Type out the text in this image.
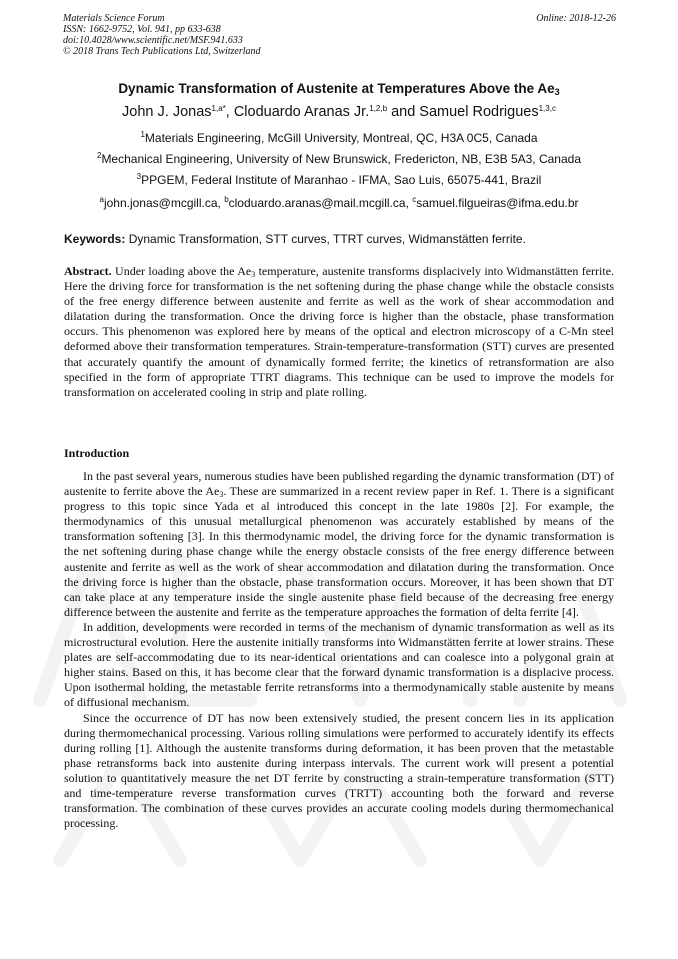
Materials Science Forum
ISSN: 1662-9752, Vol. 941, pp 633-638
doi:10.4028/www.scientific.net/MSF.941.633
© 2018 Trans Tech Publications Ltd, Switzerland
Online: 2018-12-26
Dynamic Transformation of Austenite at Temperatures Above the $Ae_3$
John J. Jonas$^{1,a*}$, Cloduardo Aranas Jr.$^{1,2,b}$ and Samuel Rodrigues$^{1,3,c}$
$^1$Materials Engineering, McGill University, Montreal, QC, H3A 0C5, Canada
$^2$Mechanical Engineering, University of New Brunswick, Fredericton, NB, E3B 5A3, Canada
$^3$PPGEM, Federal Institute of Maranhao - IFMA, Sao Luis, 65075-441, Brazil
$^a$john.jonas@mcgill.ca, $^b$cloduardo.aranas@mail.mcgill.ca, $^c$samuel.filgueiras@ifma.edu.br
Keywords: Dynamic Transformation, STT curves, TTRT curves, Widmanstätten ferrite.

Abstract. Under loading above the $Ae_3$ temperature, austenite transforms displacively into Widmanstätten ferrite. Here the driving force for transformation is the net softening during the phase change while the obstacle consists of the free energy difference between austenite and ferrite as well as the work of shear accommodation and dilatation during the transformation. Once the driving force is higher than the obstacle, phase transformation occurs. This phenomenon was explored here by means of the optical and electron microscopy of a C-Mn steel deformed above their transformation temperatures. Strain-temperature-transformation (STT) curves are presented that accurately quantify the amount of dynamically formed ferrite; the kinetics of retransformation are also specified in the form of appropriate TTRT diagrams. This technique can be used to improve the models for transformation on accelerated cooling in strip and plate rolling.

Introduction

In the past several years, numerous studies have been published regarding the dynamic transformation (DT) of austenite to ferrite above the $Ae_3$. These are summarized in a recent review paper in Ref. 1. There is a significant progress to this topic since Yada et al introduced this concept in the late 1980s [2]. For example, the thermodynamics of this unusual metallurgical phenomenon was accurately established by means of the transformation softening [3]. In this thermodynamic model, the driving force for the dynamic transformation is the net softening during phase change while the energy obstacle consists of the free energy difference between austenite and ferrite as well as the work of shear accommodation and dilatation during the transformation. Once the driving force is higher than the obstacle, phase transformation occurs. Moreover, it has been shown that DT can take place at any temperature inside the single austenite phase field because of the decreasing free energy difference between the austenite and ferrite as the temperature approaches the formation of delta ferrite [4].

In addition, developments were recorded in terms of the mechanism of dynamic transformation as well as its microstructural evolution. Here the austenite initially transforms into Widmanstätten ferrite at lower strains. These plates are self-accommodating due to its near-identical orientations and can coalesce into a polygonal grain at higher stains. Based on this, it has become clear that the forward dynamic transformation is a displacive process. Upon isothermal holding, the metastable ferrite retransforms into a thermodynamically stable austenite by means of diffusional mechanism.

Since the occurrence of DT has now been extensively studied, the present concern lies in its application during thermomechanical processing. Various rolling simulations were performed to accurately identify its effects during rolling [1]. Although the austenite transforms during deformation, it has been proven that the metastable phase retransforms back into austenite during interpass intervals. The current work will present a potential solution to quantitatively measure the net DT ferrite by constructing a strain-temperature transformation (STT) and time-temperature reverse transformation curves (TRTT) accounting both the forward and reverse transformation. The combination of these curves provides an accurate cooling models during thermomechanical processing.
